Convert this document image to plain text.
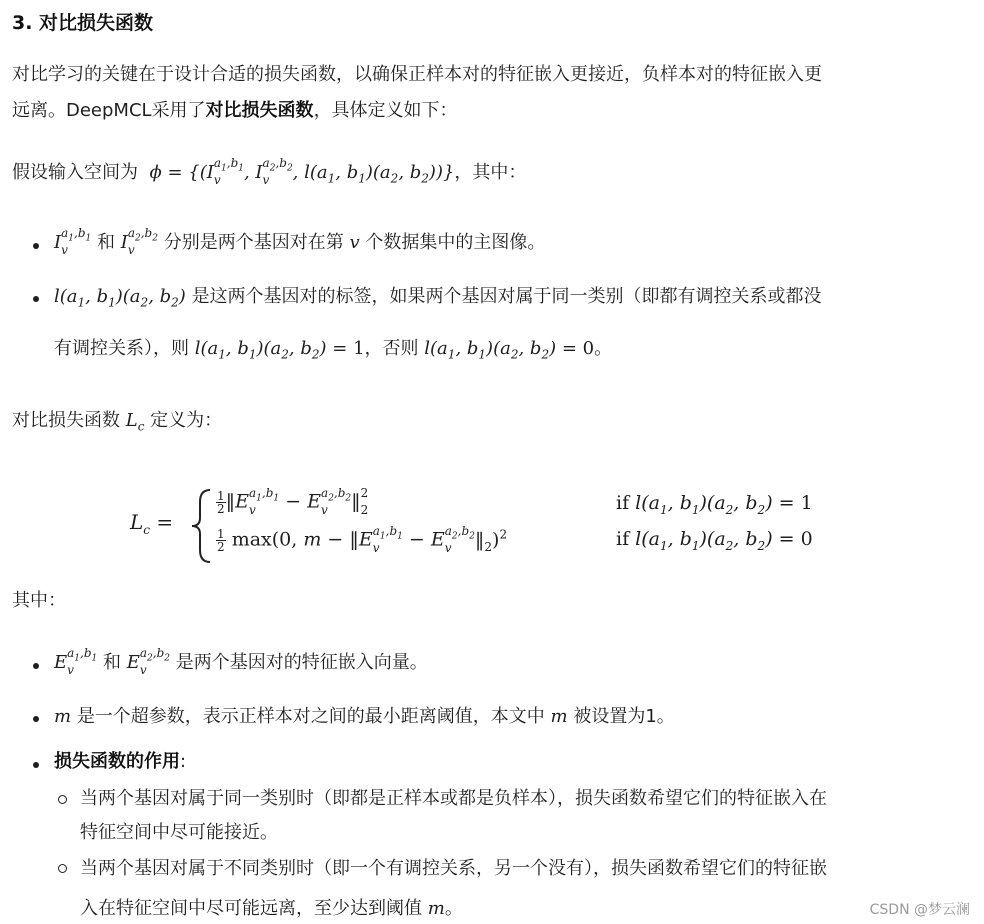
3. 对比损失函数
对比学习的关键在于设计合适的损失函数，以确保正样本对的特征嵌入更接近，负样本对的特征嵌入更
远离。DeepMCL采用了对比损失函数，具体定义如下：
假设输入空间为  ϕ = {(I $a_1,b_1$
v	, I $a_2,b_2$
v	, $l(a_1$, $b_1)(a_2$, $b_2$))}，其中：
I $a_1,b_1$
v	和 I $a_2,b_2$
v	分别是两个基因对在第 v 个数据集中的主图像。
$l(a_1$, $b_1)(a_2$, $b_2$) 是这两个基因对的标签，如果两个基因对属于同一类别（即都有调控关系或都没
有调控关系），则 $l(a_1$, $b_1)(a_2$, $b_2) = 1$，否则 $l(a_1$, $b_1)(a_2$, $b_2) = 0$。
对比损失函数 $L_c$ 定义为：
$L_c$ =
$\frac{1}{2}$ ‖E $a_1,b_1$
v	− E $a_2,b_2$
v	‖ 2
2	if $l(a_1$, $b_1)(a_2$, $b_2) = 1$
$\frac{1}{2} \max(0$, m − ‖E $a_1,b_1$
v	− E $a_2,b_2$
v	$‖_2)^2$	if $l(a_1$, $b_1)(a_2$, $b_2) = 0$
其中：
E $a_1,b_1$
v	和 E $a_2,b_2$
v	是两个基因对的特征嵌入向量。
m 是一个超参数，表示正样本对之间的最小距离阈值，本文中 m 被设置为1。
损失函数的作用:
当两个基因对属于同一类别时（即都是正样本或都是负样本），损失函数希望它们的特征嵌入在
特征空间中尽可能接近。
当两个基因对属于不同类别时（即一个有调控关系，另一个没有），损失函数希望它们的特征嵌
入在特征空间中尽可能远离，至少达到阈值 m。	CSDN @梦云澜
